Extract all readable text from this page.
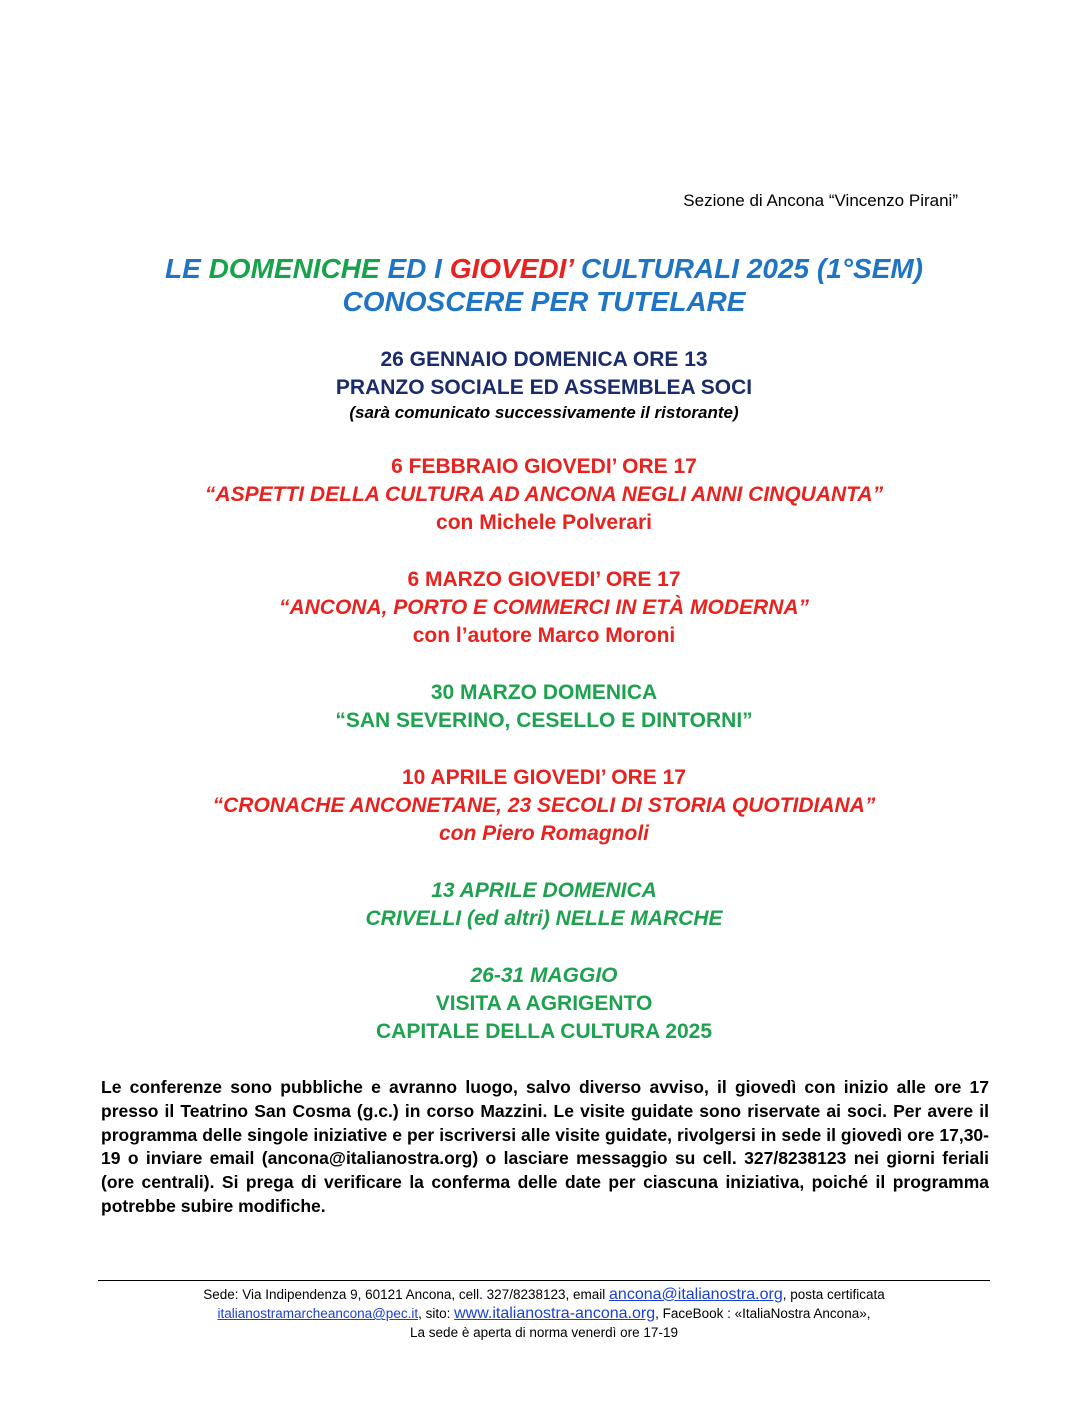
Sezione di Ancona “Vincenzo Pirani”
LE DOMENICHE ED I GIOVEDI’ CULTURALI 2025 (1°SEM)
CONOSCERE PER TUTELARE
26 GENNAIO DOMENICA ORE 13
PRANZO SOCIALE ED ASSEMBLEA SOCI
(sarà comunicato successivamente il ristorante)
6 FEBBRAIO GIOVEDI’ ORE 17
“ASPETTI DELLA CULTURA AD ANCONA NEGLI ANNI CINQUANTA”
con Michele Polverari
6 MARZO GIOVEDI’ ORE 17
“ANCONA, PORTO E COMMERCI IN ETÀ MODERNA”
con l’autore Marco Moroni
30 MARZO DOMENICA
“SAN SEVERINO, CESELLO E DINTORNI”
10 APRILE GIOVEDI’ ORE 17
“CRONACHE ANCONETANE, 23 SECOLI DI STORIA QUOTIDIANA”
con Piero Romagnoli
13 APRILE DOMENICA
CRIVELLI (ed altri) NELLE MARCHE
26-31 MAGGIO
VISITA A AGRIGENTO
CAPITALE DELLA CULTURA 2025
Le conferenze sono pubbliche e avranno luogo, salvo diverso avviso, il giovedì con inizio alle ore 17 presso il Teatrino San Cosma (g.c.) in corso Mazzini. Le visite guidate sono riservate ai soci. Per avere il programma delle singole iniziative e per iscriversi alle visite guidate, rivolgersi in sede il giovedì ore 17,30-19 o inviare email (ancona@italianostra.org) o lasciare messaggio su cell. 327/8238123 nei giorni feriali (ore centrali). Si prega di verificare la conferma delle date per ciascuna iniziativa, poiché il programma potrebbe subire modifiche.
Sede: Via Indipendenza 9, 60121 Ancona, cell. 327/8238123, email ancona@italianostra.org, posta certificata
italianostramarcheancona@pec.it, sito: www.italianostra-ancona.org, FaceBook : «ItaliaNostra Ancona»,
La sede è aperta di norma venerdì ore 17-19
